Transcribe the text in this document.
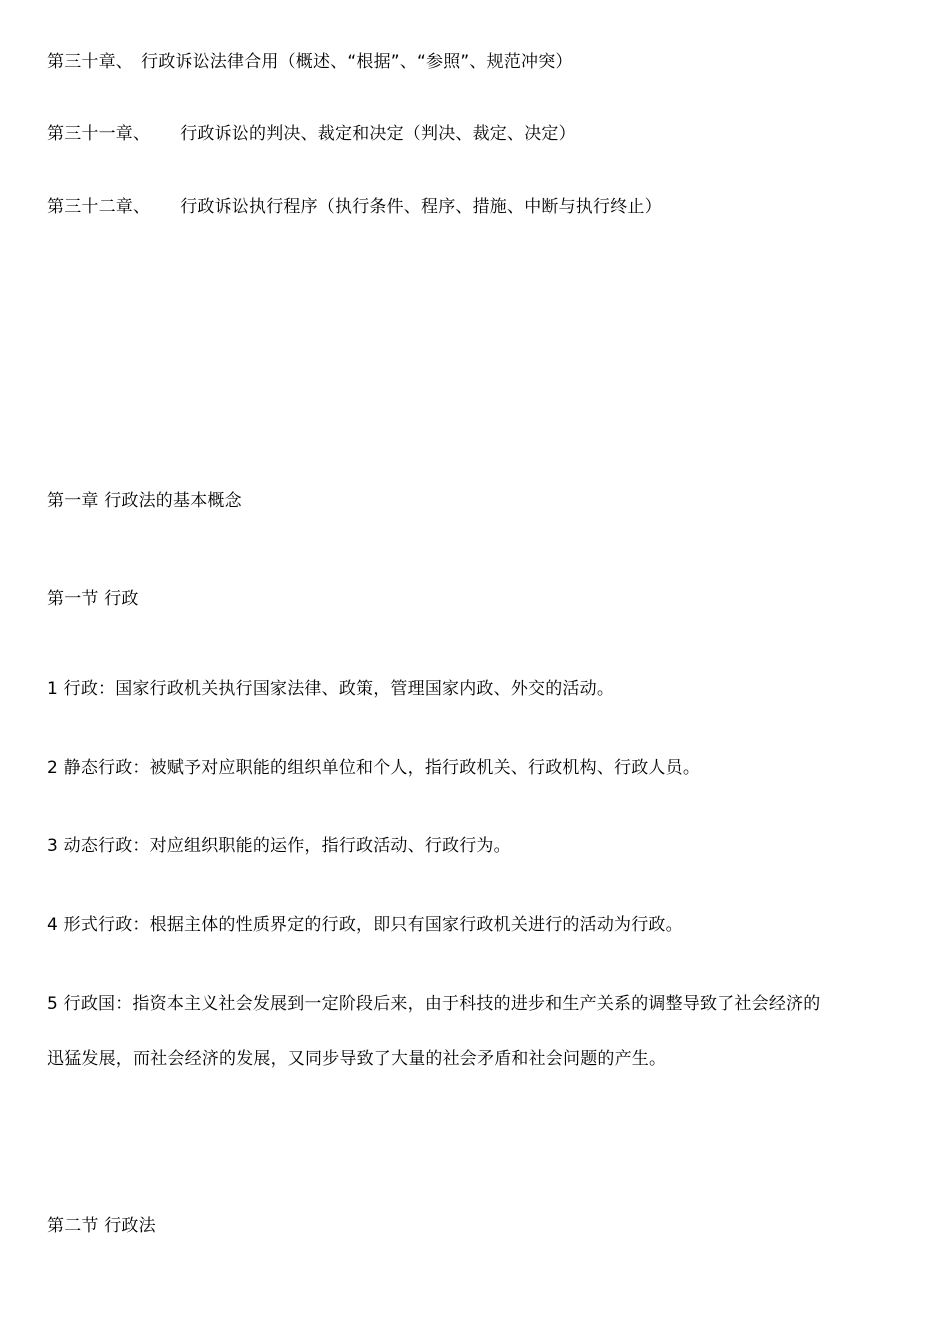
第三十章、 行政诉讼法律合用（概述、“根据”、“参照”、规范冲突）
第三十一章、 行政诉讼的判决、裁定和决定（判决、裁定、决定）
第三十二章、 行政诉讼执行程序（执行条件、程序、措施、中断与执行终止）
第一章 行政法的基本概念
第一节 行政
1 行政：国家行政机关执行国家法律、政策，管理国家内政、外交的活动。
2 静态行政：被赋予对应职能的组织单位和个人，指行政机关、行政机构、行政人员。
3 动态行政：对应组织职能的运作，指行政活动、行政行为。
4 形式行政：根据主体的性质界定的行政，即只有国家行政机关进行的活动为行政。
5 行政国：指资本主义社会发展到一定阶段后来，由于科技的进步和生产关系的调整导致了社会经济的
迅猛发展，而社会经济的发展，又同步导致了大量的社会矛盾和社会问题的产生。
第二节 行政法
